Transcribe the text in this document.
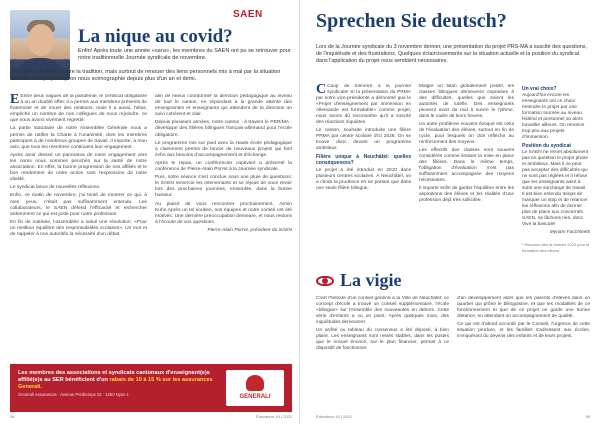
SAEN
La nique au covid?

Enfin! Après toute une année «sans», les membres du SAEN ont pu se retrouver pour notre traditionnelle Journée syndicale de novembre.

L'occasion de faire revivre la tradition, mais surtout de renouer des liens personnels mis à mal par la situation sanitaire compliquée qu'on nous scénographie depuis plus d'un an et demi.

E Entre deux vagues de la pandémie, le certificat obligatoire à un an doublé effet: il a permis aux membres présents de fraterniser et de nouer des relations, mais il a aussi, hélas, empêché un nombre de nos collègues de nous rejoindre, ce que nous avons vivement regretté.

La partie statutaire de notre Assemblée Générale nous a permis de ratifier la Charte à l'unanimité, dont les membres participent à de nombreux groupes de travail. Il importe, à mon avis, que tous les membres continuent leur engagement.

Après avoir dressé un panorama de notre engagement vers les noms nous sommes penchés sur la santé de notre association. En effet, la bonne progression de nos affiliés et le bon rendement de notre action sont l'expression de notre vitalité.

Le syndicat lance de nouvelles réflexions.

Enfin, ce matin de novembre, j'ai tenté de montrer ce qui, à mes yeux, n'était pas suffisamment entendu. Les collaborateurs, le SAEN défend l'efficacité et rechercher ardemment ce qui est juste pour notre profession.

En fin de matinée, l'assemblée a salué une résolution: «Pour un meilleur équilibre des responsabilités scolaires». Un mot et de rappeler à nos autorités la nécessité d'un débat.

afin de mieux coordonner la direction pédagogique au niveau de tout le canton, en répondant à la grande attente des enseignantes et enseignants qui attendent de la direction un suivi cohérent et clair.

Depuis plusieurs années, notre canton - à travers le PER/MA - développe des filières bilingues français-allemand pour l'école obligatoire.

Le programme mis sur pied avec la Haute école pédagogique a clairement permis de lancer de nouveaux projets qui font écho aux besoins d'accompagnement et d'échange.

Après le repas, un conférencier captivant a présenté la conférence de Pierre-Alain Porret à la Journée syndicale.

Puis, notre séance s'est conclue sous une pluie de questions: le SAEN remercie les intervenants et se réjouit de vous revoir lors des prochaines journées, ensemble, dans la bonne humeur.

Au plaisir de vous rencontrer prochainement, Armin Kuhn.Après un tel soutien, nos équipes et notre comité ont été motivés. Une dernière préoccupation demeure, et nous restons à l'écoute de vos questions.

Pierre-Alain Porret, président du SAEN

Les membres des associations et syndicats cantonaux d'enseignant(e)s affilié(e)s au SER bénéficient d'un rabais de 10 à 15 % sur les assurances Generali.
Generali Assurances · Avenue Perdtemps 23 · 1260 Nyon 1	GENERALI
38	Éducateur 10 | 2021
Sprechen Sie deutsch?

Lors de la Journée syndicale du 3 novembre dernier, une présentation du projet PRS-MA a suscité des questions, de l'inquiétude et des frustrations. Quelques éclaircissements sur la situation actuelle et la position du syndicat dans l'application du projet nous semblent nécessaires.

C Coup de tonnerre à la journée syndicale! Si la présentation du PRMA par notre vice-présidente a démontré que le «Projet d'enseignement par immersion en Allemande est formidable» comme projet, nous avons dû reconnaître qu'il a suscité des réactions inquiètes.

Le canton, souhaite introduire une filière PRMA par centre scolaire d'ici 2026. On se trouve donc devant un programme ambitieux.

Filière unique à Neuchâtel: quelles conséquences?

Le projet a été introduit en 2010 dans plusieurs centres scolaires. À Neuchâtel, on a choisi la prudence en ne partant que dans une seule filière bilingue.

Malgré un bilan globalement positif, les classes bilingues demeurent exposées à des difficultés, quelles que soient les autorités de tutelle. Des enseignants peuvent avoir du mal à suivre le rythme, dans le cadre de leurs heures.

Un autre problème souvent évoqué est celui de l'évaluation des élèves, surtout en fin de cycle, pour lesquels on doit réfléchir au renforcement des moyens.

Les effectifs des classes sont souvent considérés comme limitant la mise en place des filières. Dans le même temps, l'obligation d'évaluation n'est pas suffisamment accompagnée des moyens nécessaires.

Il importe enfin de garder l'équilibre entre les aspirations des élèves et les réalités d'une profession déjà très sollicitée.

Un vrai choix?

Aujourd'hui encore les enseignants ont ce choix: entendre le projet par une formation tournée au niveau fédéral et personnel ou alors travailler ailleurs. On renonce trop peu aux projets d'immersion.

Position du syndicat

Le SAEN ne remet absolument pas en question le projet phare et ambitieux. Mais il ne peut pas accepter des difficultés qui ne sont pas réglées et il refuse que les enseignants aient à subir une surcharge de travail.

Il est bien entendu temps de marquer un stop et de relancer les réflexions afin de donner plus de place aux concernés. SAEN, ne lâchons rien, donc Vive la bascule!

Myriam Facchinetti

¹ Reconnu dès la rentrée 2023 pour la formation des élèves

La vigie

C'est l'histoire d'un conseil général à la Ville de Neuchâtel: ce concept d'école a trouvé un conseil supplémentaire, l'école «bilingue» sur l'ensemble des nouveautés en dehors. Cette série d'enfants a vu un point. Après quelques mois, des inquiétudes demeurent.

Un arrêté ou tableau du consensus a été déposé, à bien plaire. Les enseignants sont restés stables, dans les postes que le nouvel énoncé, sur le plan financier, permet à ce dispositif de fonctionner.

d'un développement alors que les parents d'élèves dans un quartier qui prône le bilinguisme, et que les modalités de ce fonctionnement et que de ce projet on garde une bonne distance, en attendant un accompagnement de qualité.

Ce qui est d'abord accordé par le Conseil, l'urgence de cette situation perdure, et les familles s'adressent aux écoles, s'enquérant du devenir des enfants et de leurs projets.

Éducateur 10 | 2021	39
